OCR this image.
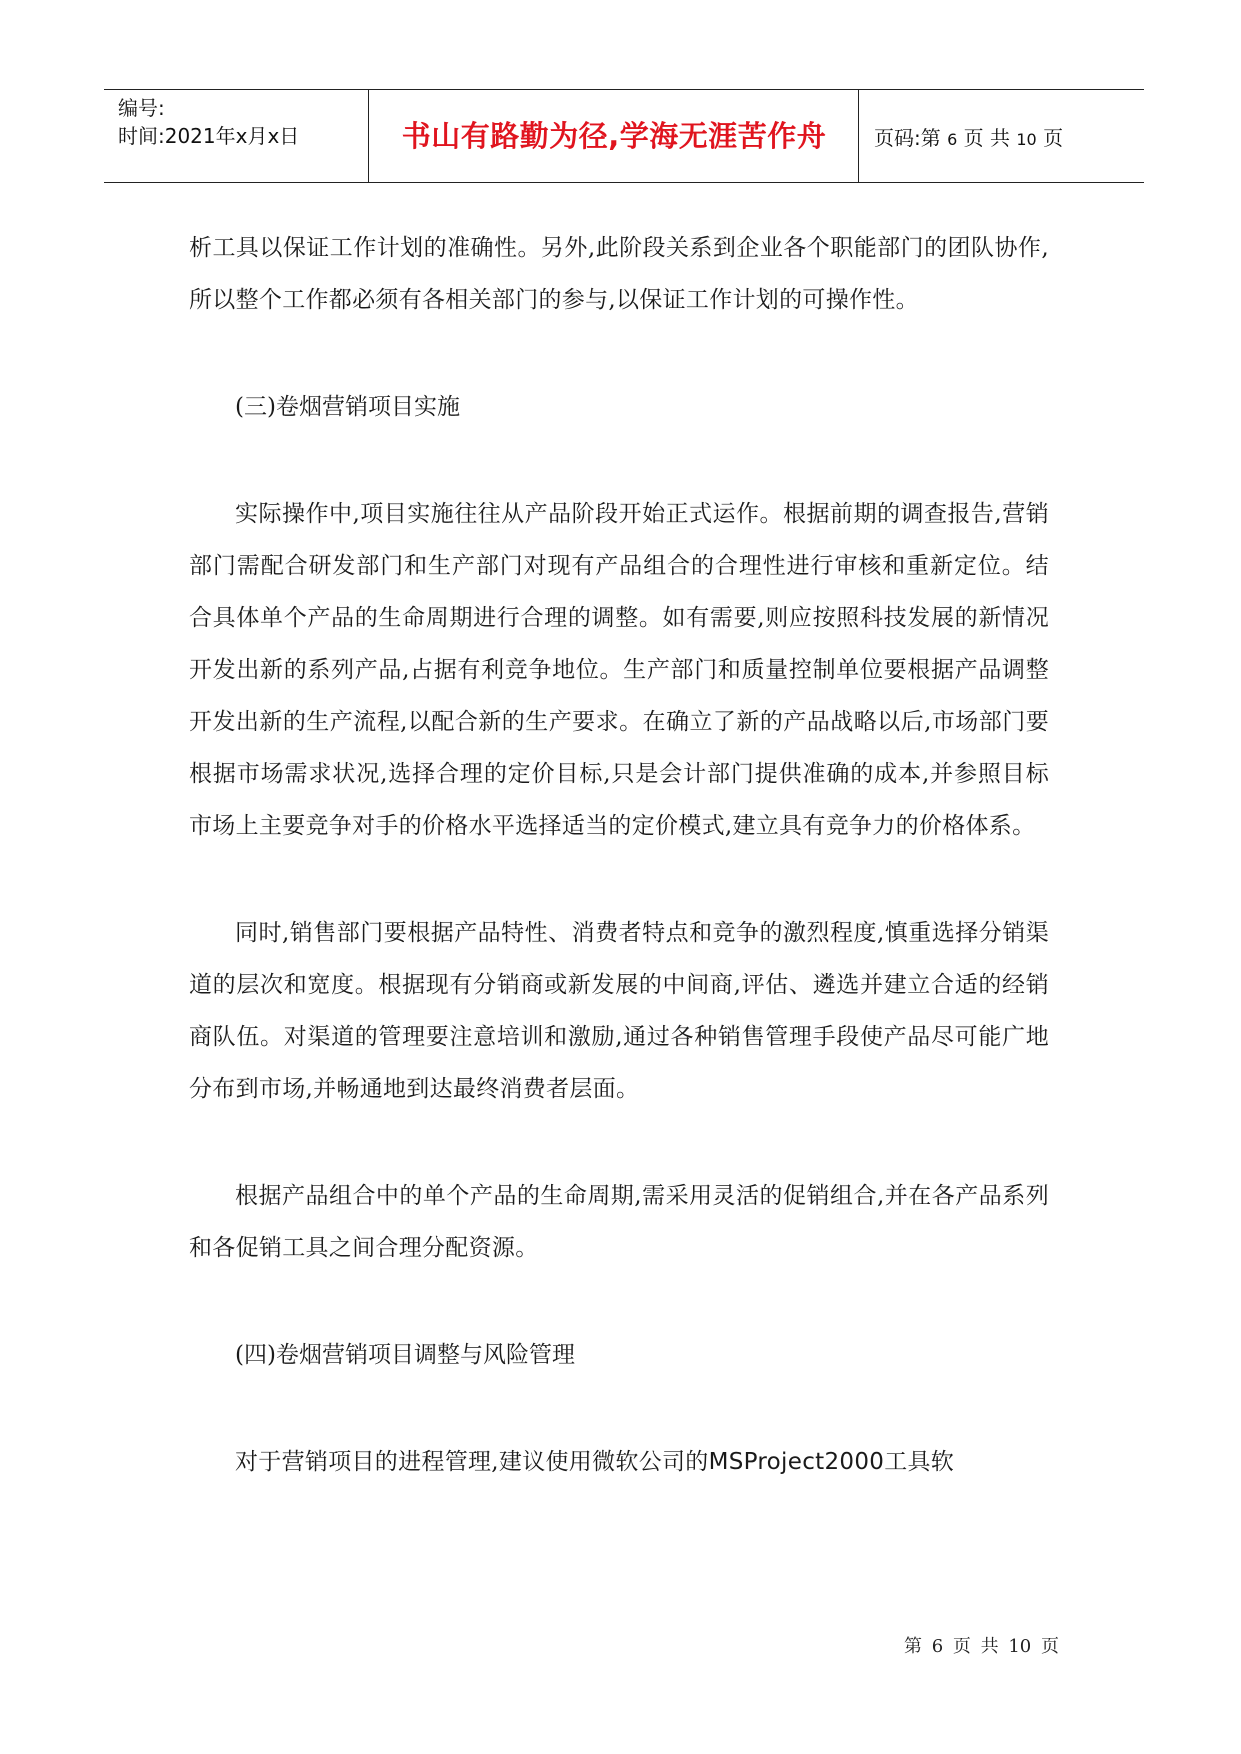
编号:
时间:2021年x月x日	书山有路勤为径,学海无涯苦作舟	页码:第 6 页 共 10 页

析工具以保证工作计划的准确性。另外,此阶段关系到企业各个职能部门的团队协作,所以整个工作都必须有各相关部门的参与,以保证工作计划的可操作性。

(三)卷烟营销项目实施

实际操作中,项目实施往往从产品阶段开始正式运作。根据前期的调查报告,营销部门需配合研发部门和生产部门对现有产品组合的合理性进行审核和重新定位。结合具体单个产品的生命周期进行合理的调整。如有需要,则应按照科技发展的新情况开发出新的系列产品,占据有利竞争地位。生产部门和质量控制单位要根据产品调整开发出新的生产流程,以配合新的生产要求。在确立了新的产品战略以后,市场部门要根据市场需求状况,选择合理的定价目标,只是会计部门提供准确的成本,并参照目标市场上主要竞争对手的价格水平选择适当的定价模式,建立具有竞争力的价格体系。

同时,销售部门要根据产品特性、消费者特点和竞争的激烈程度,慎重选择分销渠道的层次和宽度。根据现有分销商或新发展的中间商,评估、遴选并建立合适的经销商队伍。对渠道的管理要注意培训和激励,通过各种销售管理手段使产品尽可能广地分布到市场,并畅通地到达最终消费者层面。

根据产品组合中的单个产品的生命周期,需采用灵活的促销组合,并在各产品系列和各促销工具之间合理分配资源。

(四)卷烟营销项目调整与风险管理

对于营销项目的进程管理,建议使用微软公司的MSProject2000工具软

第 6 页 共 10 页
